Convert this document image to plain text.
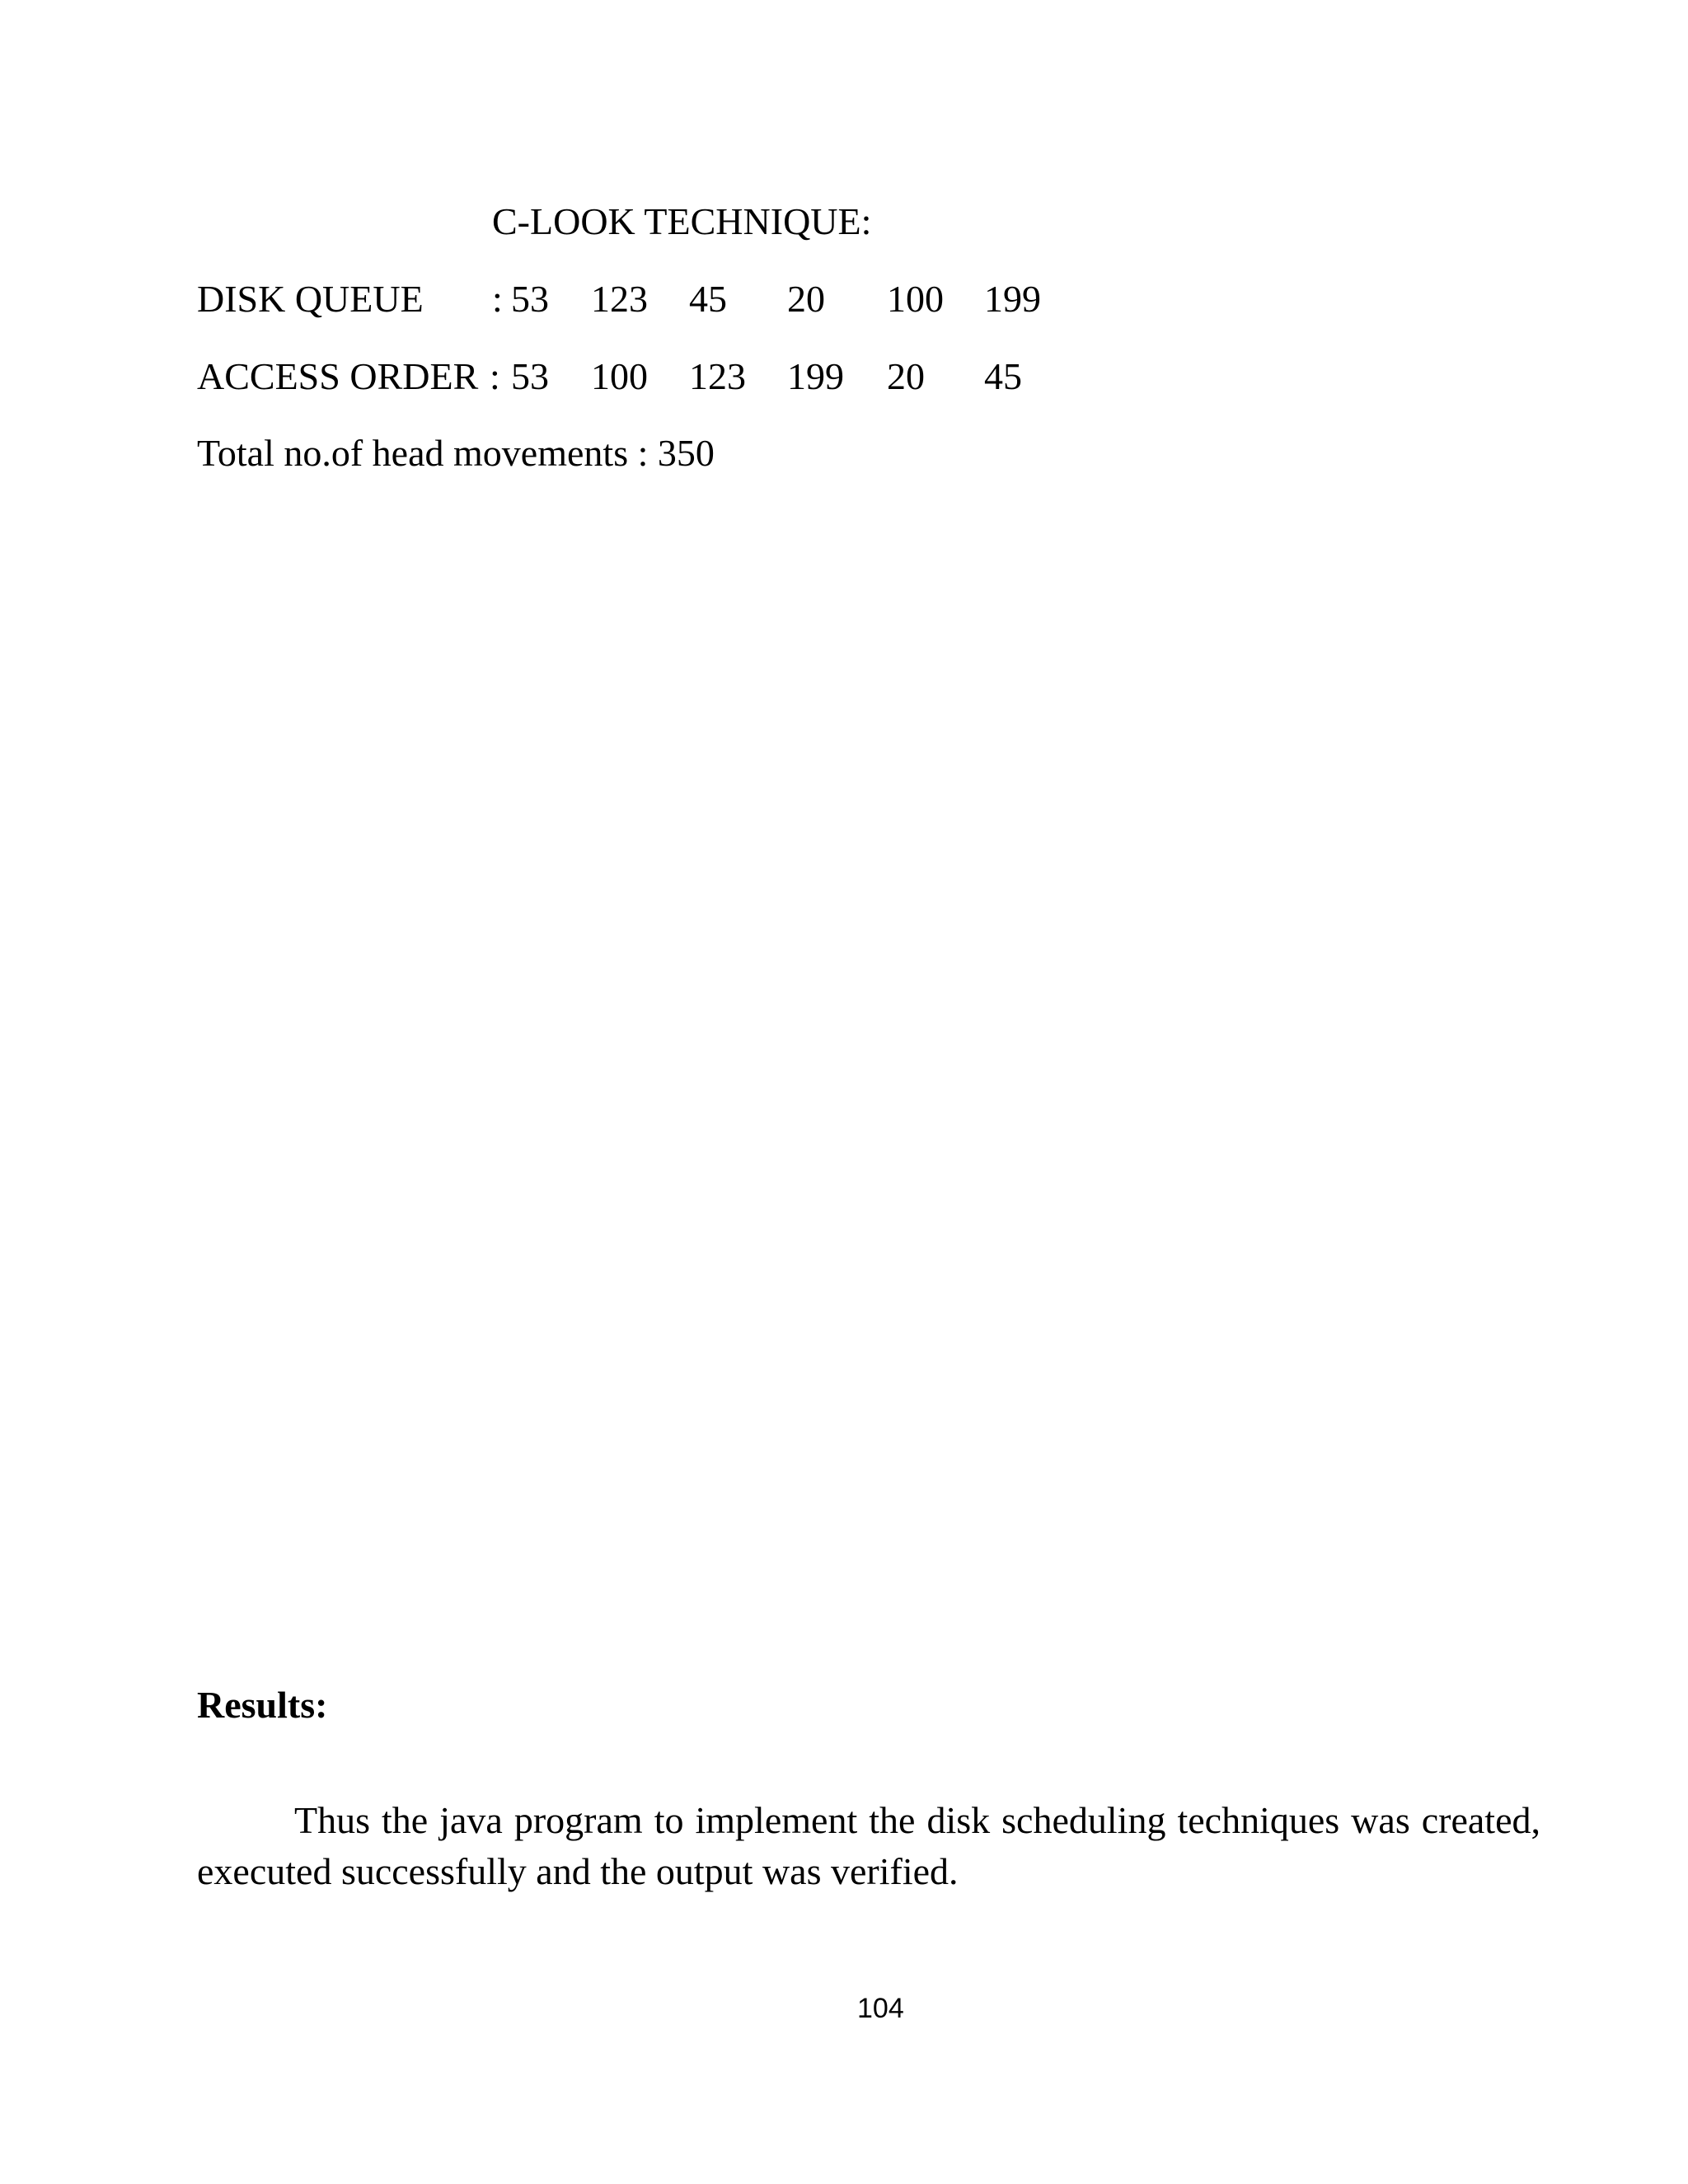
C-LOOK TECHNIQUE:
DISK QUEUE : 53 123 45 20 100 199
ACCESS ORDER : 53 100 123 199 20 45
Total no.of head movements : 350
Results:

Thus the java program to implement the disk scheduling techniques was created, executed successfully and the output was verified.

104
